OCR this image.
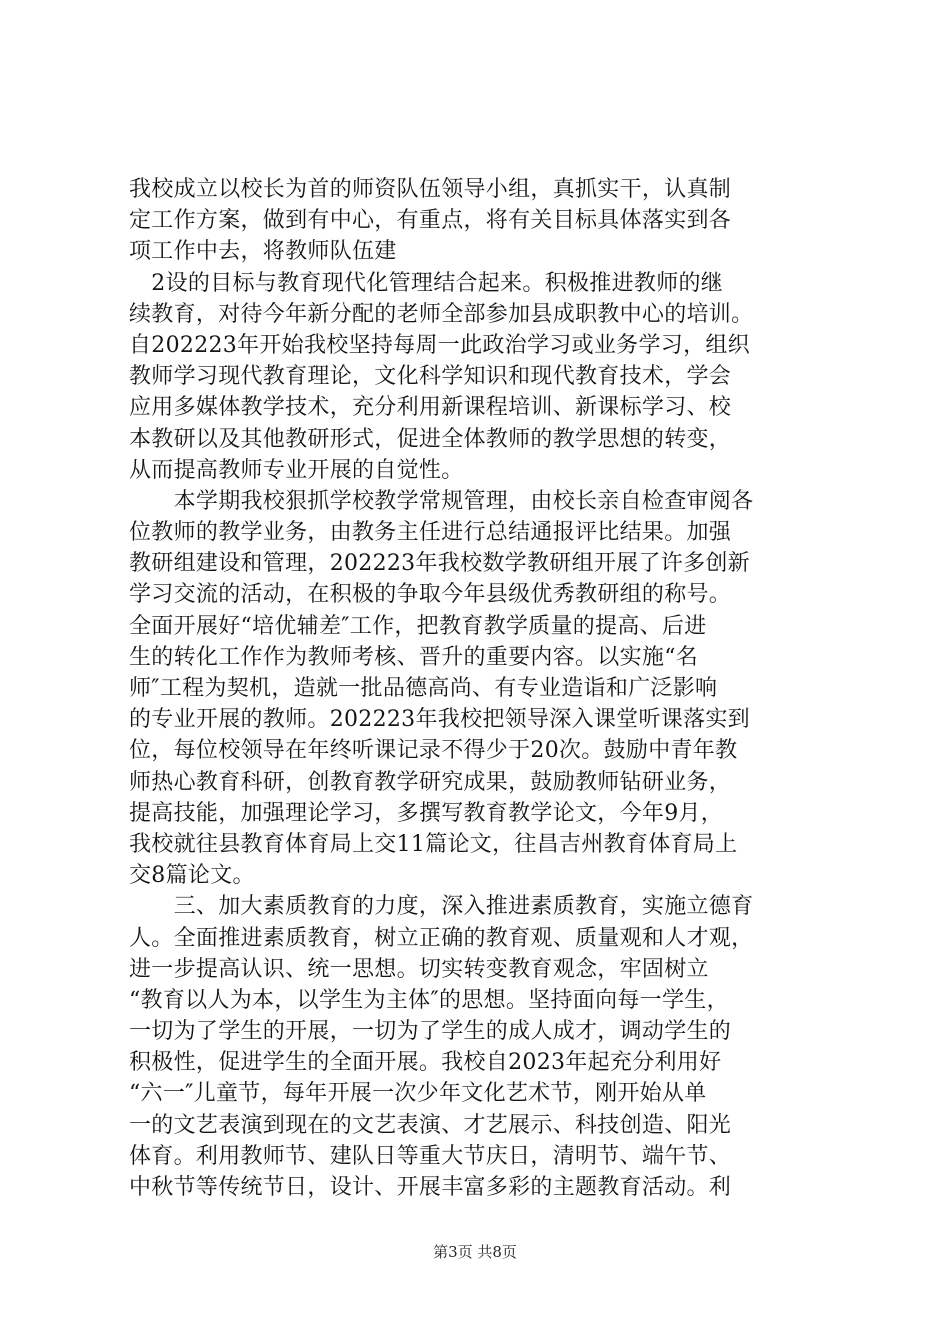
我校成立以校长为首的师资队伍领导小组，真抓实干，认真制
定工作方案，做到有中心，有重点，将有关目标具体落实到各
项工作中去，将教师队伍建
　2设的目标与教育现代化管理结合起来。积极推进教师的继
续教育，对待今年新分配的老师全部参加县成职教中心的培训。
自202223年开始我校坚持每周一此政治学习或业务学习，组织
教师学习现代教育理论，文化科学知识和现代教育技术，学会
应用多媒体教学技术，充分利用新课程培训、新课标学习、校
本教研以及其他教研形式，促进全体教师的教学思想的转变，
从而提高教师专业开展的自觉性。
　　本学期我校狠抓学校教学常规管理，由校长亲自检查审阅各
位教师的教学业务，由教务主任进行总结通报评比结果。加强
教研组建设和管理，202223年我校数学教研组开展了许多创新
学习交流的活动，在积极的争取今年县级优秀教研组的称号。
全面开展好“培优辅差″工作，把教育教学质量的提高、后进
生的转化工作作为教师考核、晋升的重要内容。以实施“名
师″工程为契机，造就一批品德高尚、有专业造诣和广泛影响
的专业开展的教师。202223年我校把领导深入课堂听课落实到
位，每位校领导在年终听课记录不得少于20次。鼓励中青年教
师热心教育科研，创教育教学研究成果，鼓励教师钻研业务，
提高技能，加强理论学习，多撰写教育教学论文，今年9月，
我校就往县教育体育局上交11篇论文，往昌吉州教育体育局上
交8篇论文。
　　三、加大素质教育的力度，深入推进素质教育，实施立德育
人。全面推进素质教育，树立正确的教育观、质量观和人才观，
进一步提高认识、统一思想。切实转变教育观念，牢固树立
“教育以人为本，以学生为主体″的思想。坚持面向每一学生，
一切为了学生的开展，一切为了学生的成人成才，调动学生的
积极性，促进学生的全面开展。我校自2023年起充分利用好
“六一″儿童节，每年开展一次少年文化艺术节，刚开始从单
一的文艺表演到现在的文艺表演、才艺展示、科技创造、阳光
体育。利用教师节、建队日等重大节庆日，清明节、端午节、
中秋节等传统节日，设计、开展丰富多彩的主题教育活动。利
第3页 共8页
